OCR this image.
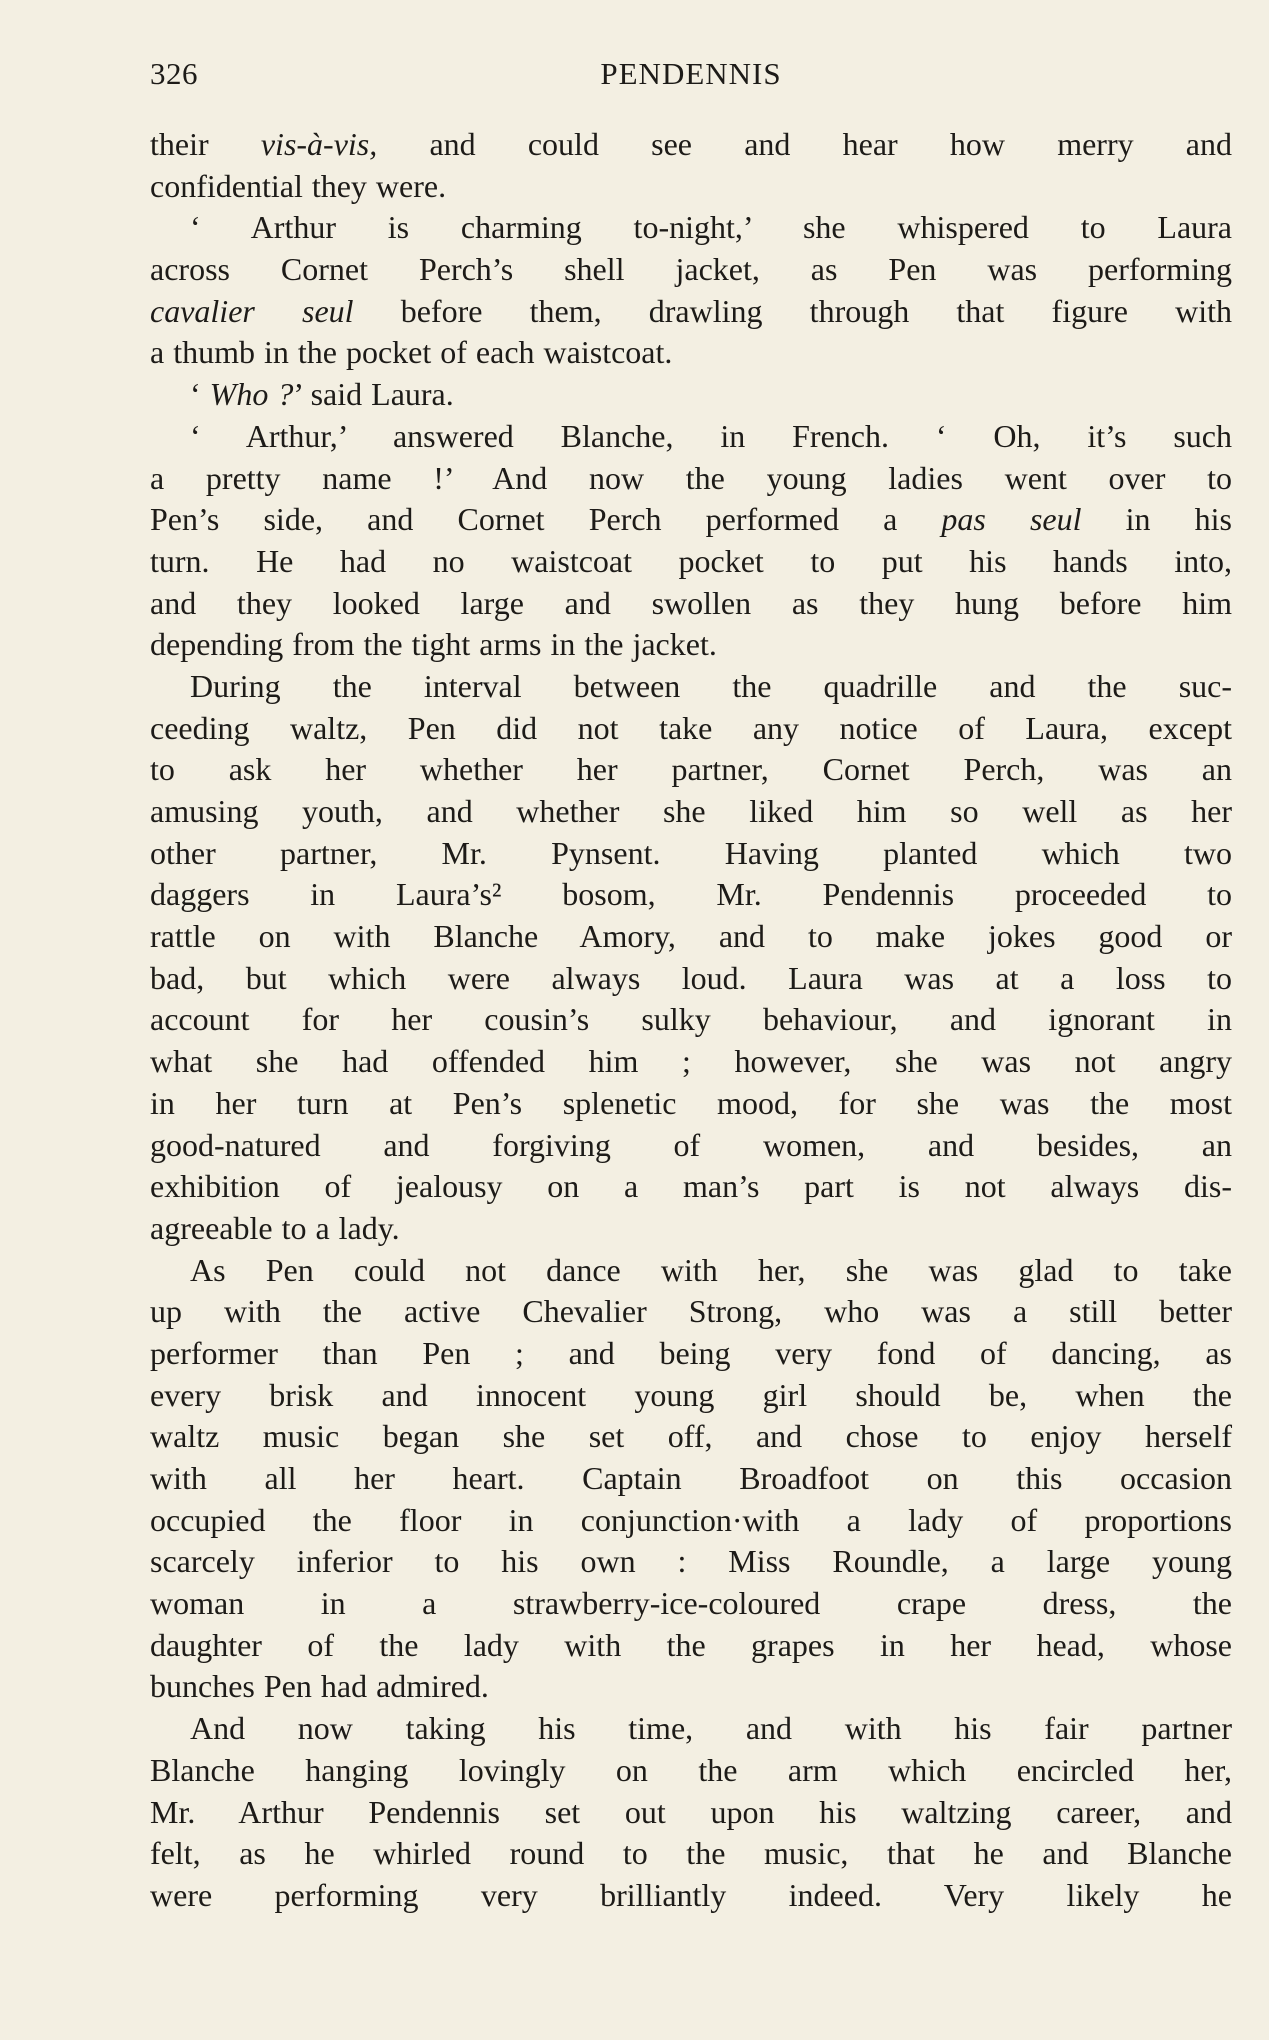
326	PENDENNIS
their vis-à-vis, and could see and hear how merry and
confidential they were.
‘ Arthur is charming to-night,’ she whispered to Laura
across Cornet Perch’s shell jacket, as Pen was performing
cavalier seul before them, drawling through that figure with
a thumb in the pocket of each waistcoat.
‘ Who ?’ said Laura.
‘ Arthur,’ answered Blanche, in French. ‘ Oh, it’s such
a pretty name !’ And now the young ladies went over to
Pen’s side, and Cornet Perch performed a pas seul in his
turn. He had no waistcoat pocket to put his hands into,
and they looked large and swollen as they hung before him
depending from the tight arms in the jacket.
During the interval between the quadrille and the suc-
ceeding waltz, Pen did not take any notice of Laura, except
to ask her whether her partner, Cornet Perch, was an
amusing youth, and whether she liked him so well as her
other partner, Mr. Pynsent. Having planted which two
daggers in Laura’s² bosom, Mr. Pendennis proceeded to
rattle on with Blanche Amory, and to make jokes good or
bad, but which were always loud. Laura was at a loss to
account for her cousin’s sulky behaviour, and ignorant in
what she had offended him ; however, she was not angry
in her turn at Pen’s splenetic mood, for she was the most
good-natured and forgiving of women, and besides, an
exhibition of jealousy on a man’s part is not always dis-
agreeable to a lady.
As Pen could not dance with her, she was glad to take
up with the active Chevalier Strong, who was a still better
performer than Pen ; and being very fond of dancing, as
every brisk and innocent young girl should be, when the
waltz music began she set off, and chose to enjoy herself
with all her heart. Captain Broadfoot on this occasion
occupied the floor in conjunction·with a lady of proportions
scarcely inferior to his own : Miss Roundle, a large young
woman in a strawberry-ice-coloured crape dress, the
daughter of the lady with the grapes in her head, whose
bunches Pen had admired.
And now taking his time, and with his fair partner
Blanche hanging lovingly on the arm which encircled her,
Mr. Arthur Pendennis set out upon his waltzing career, and
felt, as he whirled round to the music, that he and Blanche
were performing very brilliantly indeed. Very likely he
